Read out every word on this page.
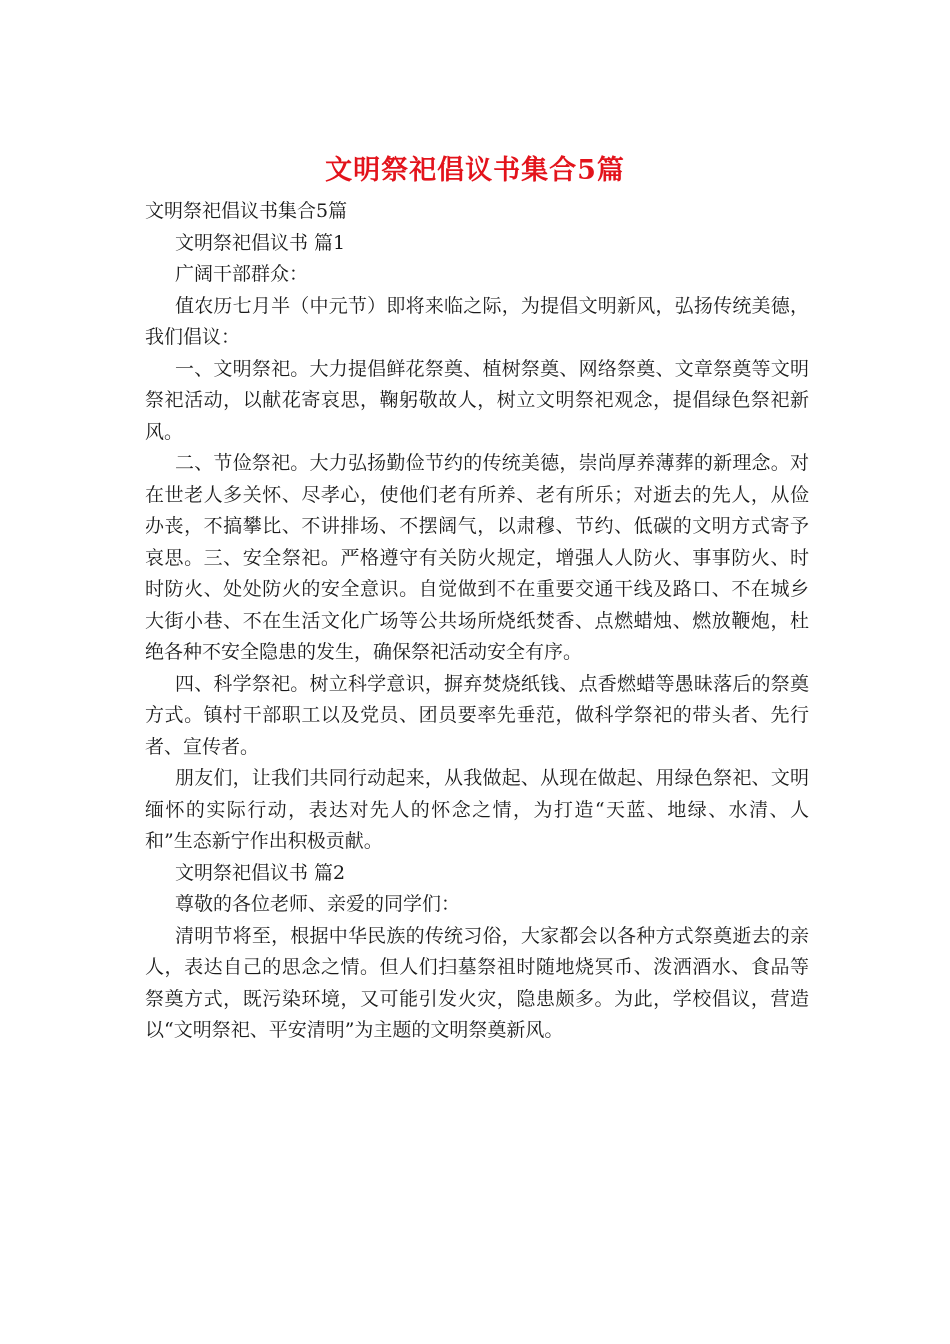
文明祭祀倡议书集合5篇

文明祭祀倡议书集合5篇

文明祭祀倡议书 篇1

广阔干部群众：

值农历七月半（中元节）即将来临之际，为提倡文明新风，弘扬传统美德，我们倡议：

一、文明祭祀。大力提倡鲜花祭奠、植树祭奠、网络祭奠、文章祭奠等文明祭祀活动，以献花寄哀思，鞠躬敬故人，树立文明祭祀观念，提倡绿色祭祀新风。

二、节俭祭祀。大力弘扬勤俭节约的传统美德，崇尚厚养薄葬的新理念。对在世老人多关怀、尽孝心，使他们老有所养、老有所乐；对逝去的先人，从俭办丧，不搞攀比、不讲排场、不摆阔气，以肃穆、节约、低碳的文明方式寄予哀思。三、安全祭祀。严格遵守有关防火规定，增强人人防火、事事防火、时时防火、处处防火的安全意识。自觉做到不在重要交通干线及路口、不在城乡大街小巷、不在生活文化广场等公共场所烧纸焚香、点燃蜡烛、燃放鞭炮，杜绝各种不安全隐患的发生，确保祭祀活动安全有序。

四、科学祭祀。树立科学意识，摒弃焚烧纸钱、点香燃蜡等愚昧落后的祭奠方式。镇村干部职工以及党员、团员要率先垂范，做科学祭祀的带头者、先行者、宣传者。

朋友们，让我们共同行动起来，从我做起、从现在做起、用绿色祭祀、文明缅怀的实际行动，表达对先人的怀念之情，为打造“天蓝、地绿、水清、人和”生态新宁作出积极贡献。

文明祭祀倡议书 篇2

尊敬的各位老师、亲爱的同学们：

清明节将至，根据中华民族的传统习俗，大家都会以各种方式祭奠逝去的亲人，表达自己的思念之情。但人们扫墓祭祖时随地烧冥币、泼洒酒水、食品等祭奠方式，既污染环境，又可能引发火灾，隐患颇多。为此，学校倡议，营造以“文明祭祀、平安清明”为主题的文明祭奠新风。
